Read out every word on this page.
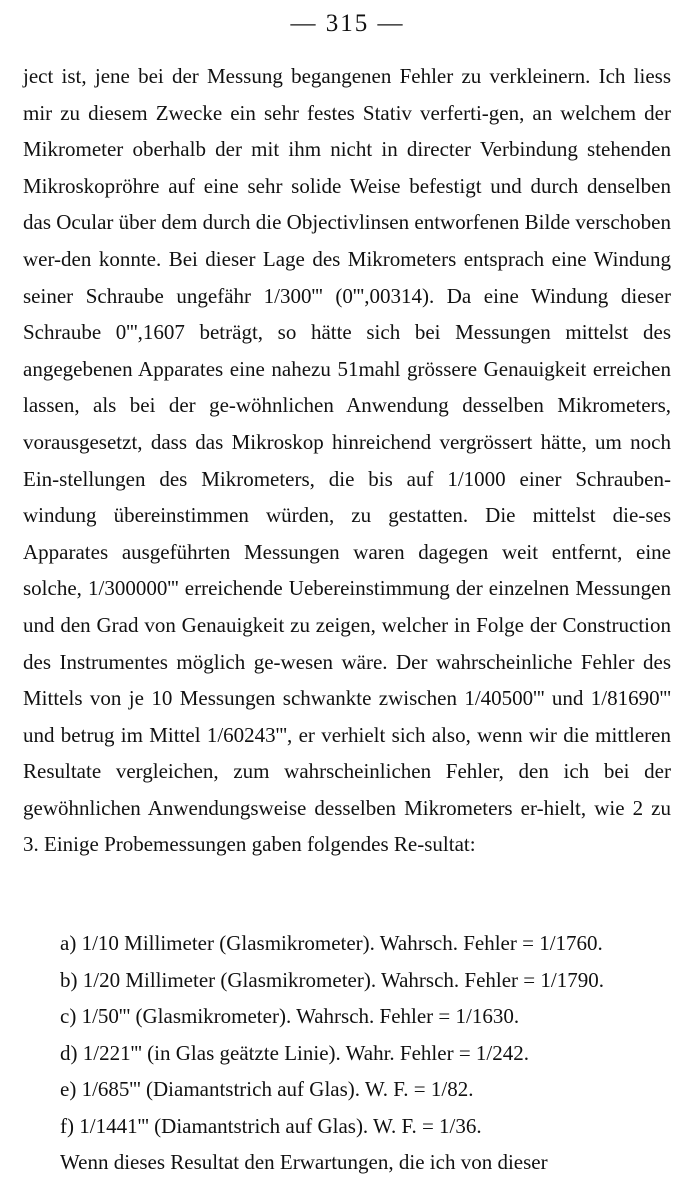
— 315 —

ject ist, jene bei der Messung begangenen Fehler zu verkleinern. Ich liess mir zu diesem Zwecke ein sehr festes Stativ verferti-gen, an welchem der Mikrometer oberhalb der mit ihm nicht in directer Verbindung stehenden Mikroskopröhre auf eine sehr solide Weise befestigt und durch denselben das Ocular über dem durch die Objectivlinsen entworfenen Bilde verschoben wer-den konnte. Bei dieser Lage des Mikrometers entsprach eine Windung seiner Schraube ungefähr 1/300''' (0''',00314). Da eine Windung dieser Schraube 0''',1607 beträgt, so hätte sich bei Messungen mittelst des angegebenen Apparates eine nahezu 51mahl grössere Genauigkeit erreichen lassen, als bei der ge-wöhnlichen Anwendung desselben Mikrometers, vorausgesetzt, dass das Mikroskop hinreichend vergrössert hätte, um noch Ein-stellungen des Mikrometers, die bis auf 1/1000 einer Schrauben-windung übereinstimmen würden, zu gestatten. Die mittelst die-ses Apparates ausgeführten Messungen waren dagegen weit entfernt, eine solche, 1/300000''' erreichende Uebereinstimmung der einzelnen Messungen und den Grad von Genauigkeit zu zeigen, welcher in Folge der Construction des Instrumentes möglich ge-wesen wäre. Der wahrscheinliche Fehler des Mittels von je 10 Messungen schwankte zwischen 1/40500''' und 1/81690''' und betrug im Mittel 1/60243''', er verhielt sich also, wenn wir die mittleren Resultate vergleichen, zum wahrscheinlichen Fehler, den ich bei der gewöhnlichen Anwendungsweise desselben Mikrometers er-hielt, wie 2 zu 3. Einige Probemessungen gaben folgendes Re-sultat:

a) 1/10 Millimeter (Glasmikrometer). Wahrsch. Fehler = 1/1760.
b) 1/20 Millimeter (Glasmikrometer). Wahrsch. Fehler = 1/1790.
c) 1/50''' (Glasmikrometer). Wahrsch. Fehler = 1/1630.
d) 1/221''' (in Glas geätzte Linie). Wahr. Fehler = 1/242.
e) 1/685''' (Diamantstrich auf Glas). W. F. = 1/82.
f) 1/1441''' (Diamantstrich auf Glas). W. F. = 1/36.

Wenn dieses Resultat den Erwartungen, die ich von dieser
